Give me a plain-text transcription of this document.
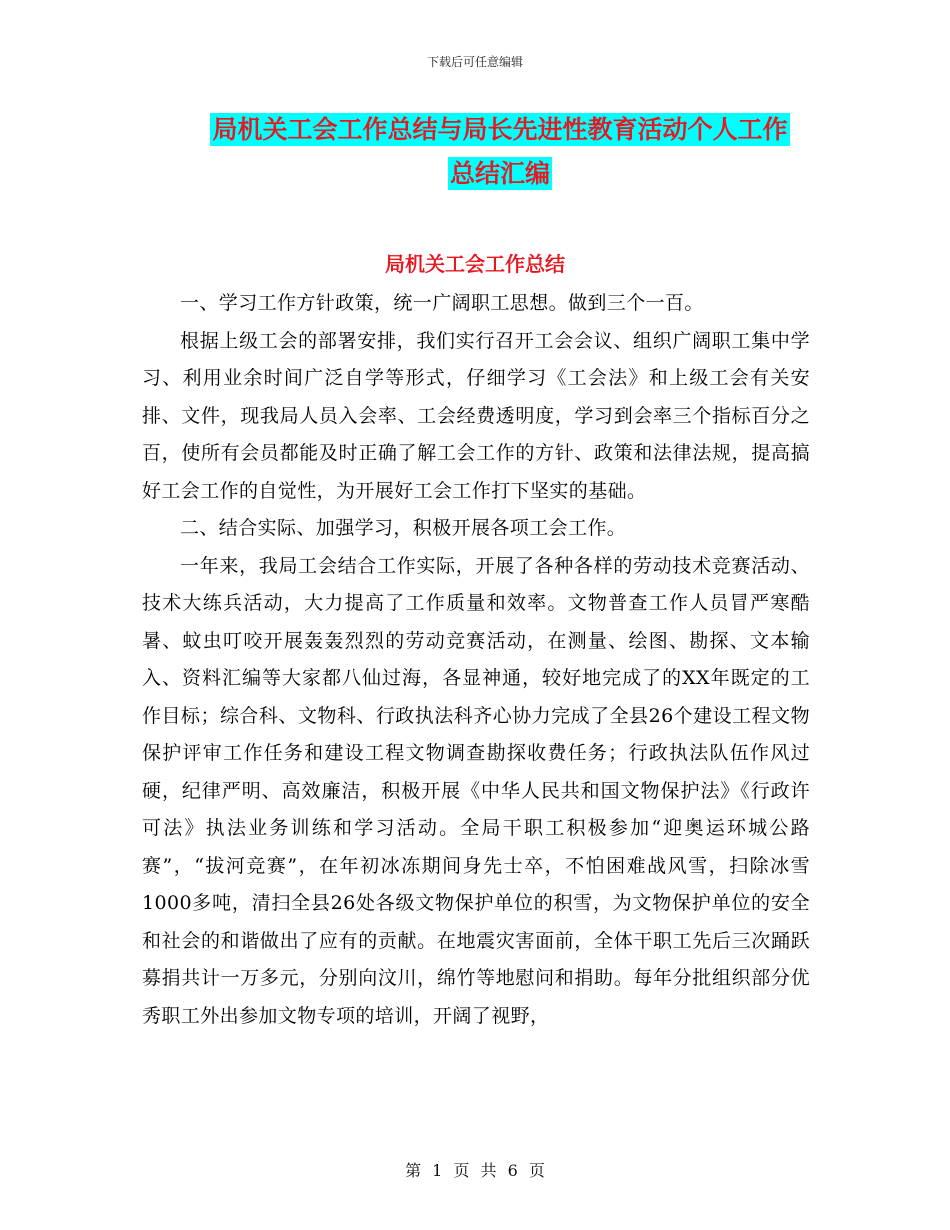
下载后可任意编辑
局机关工会工作总结与局长先进性教育活动个人工作
总结汇编
局机关工会工作总结

一、学习工作方针政策，统一广阔职工思想。做到三个一百。

根据上级工会的部署安排，我们实行召开工会会议、组织广阔职工集中学习、利用业余时间广泛自学等形式，仔细学习《工会法》和上级工会有关安排、文件，现我局人员入会率、工会经费透明度，学习到会率三个指标百分之百，使所有会员都能及时正确了解工会工作的方针、政策和法律法规，提高搞好工会工作的自觉性，为开展好工会工作打下坚实的基础。

二、结合实际、加强学习，积极开展各项工会工作。

一年来，我局工会结合工作实际，开展了各种各样的劳动技术竞赛活动、技术大练兵活动，大力提高了工作质量和效率。文物普查工作人员冒严寒酷暑、蚊虫叮咬开展轰轰烈烈的劳动竞赛活动，在测量、绘图、勘探、文本输入、资料汇编等大家都八仙过海，各显神通，较好地完成了的XX年既定的工作目标；综合科、文物科、行政执法科齐心协力完成了全县26个建设工程文物保护评审工作任务和建设工程文物调查勘探收费任务；行政执法队伍作风过硬，纪律严明、高效廉洁，积极开展《中华人民共和国文物保护法》《行政许可法》执法业务训练和学习活动。全局干职工积极参加“迎奥运环城公路赛”，“拔河竞赛”，在年初冰冻期间身先士卒，不怕困难战风雪，扫除冰雪1000多吨，清扫全县26处各级文物保护单位的积雪，为文物保护单位的安全和社会的和谐做出了应有的贡献。在地震灾害面前，全体干职工先后三次踊跃募捐共计一万多元，分别向汶川，绵竹等地慰问和捐助。每年分批组织部分优秀职工外出参加文物专项的培训，开阔了视野，

第 1 页 共 6 页
